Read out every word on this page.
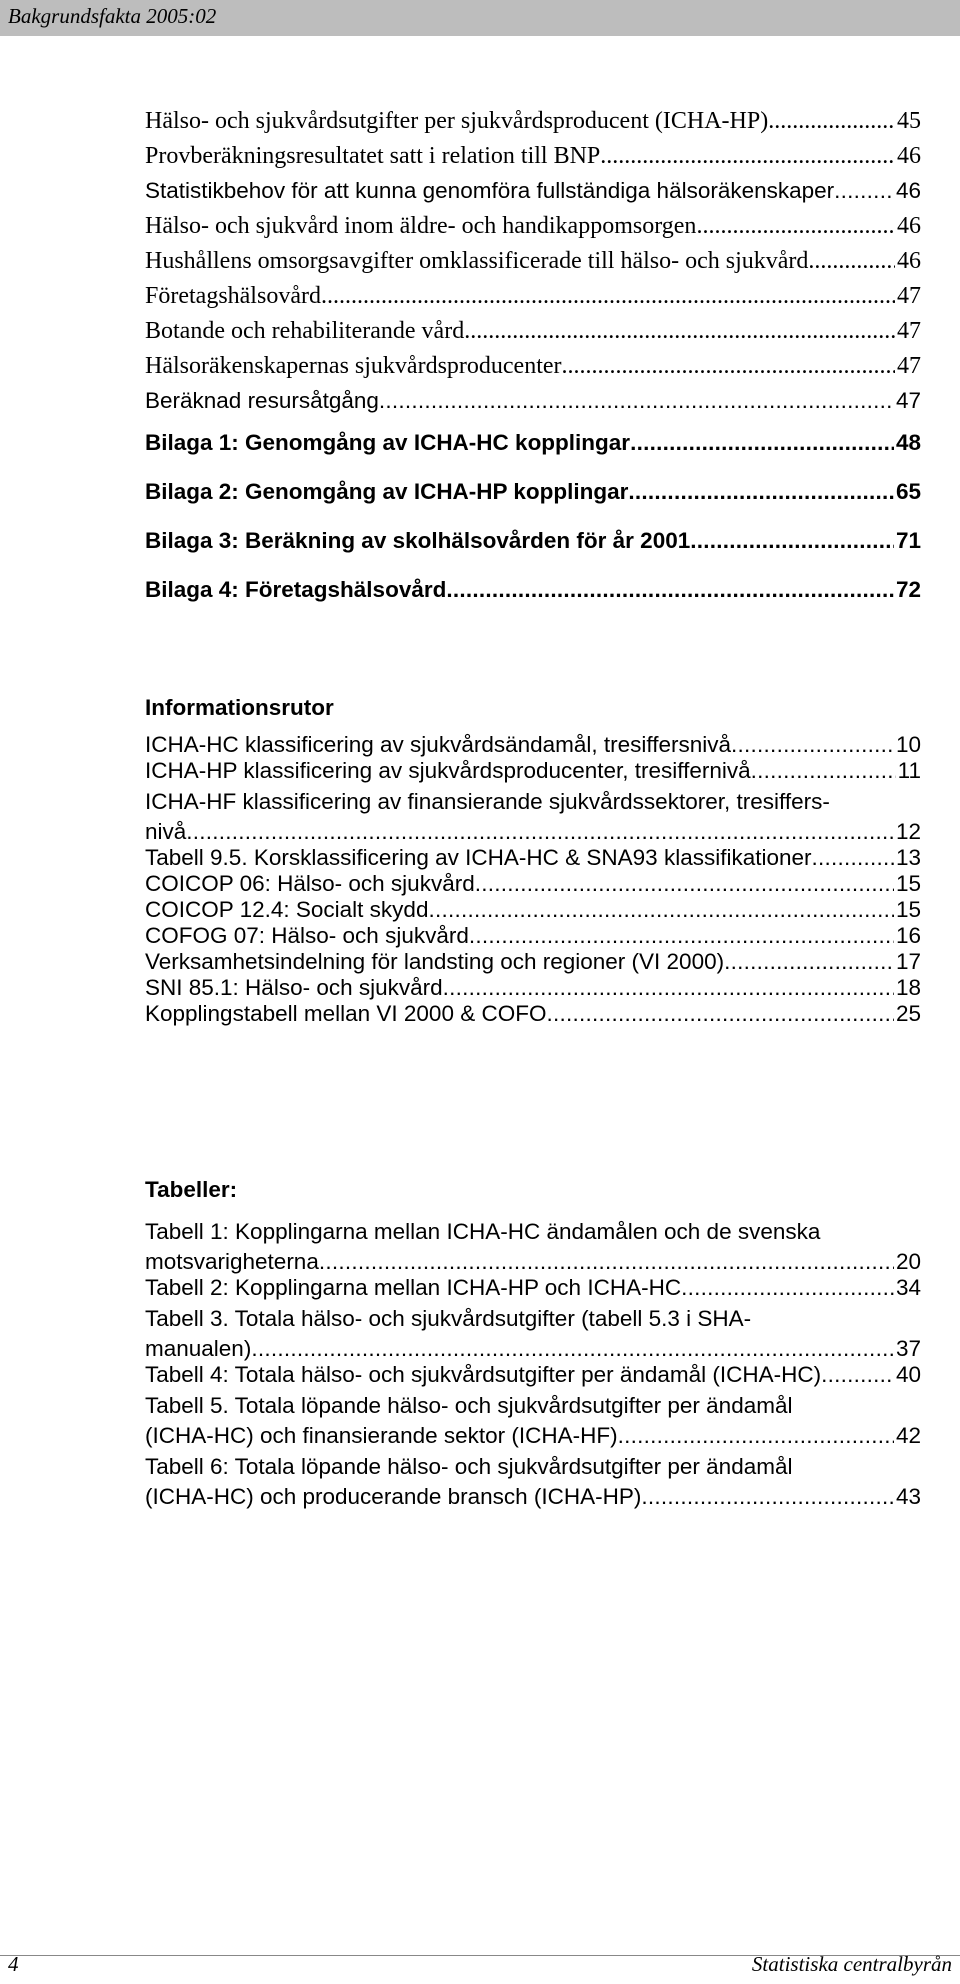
Bakgrundsfakta 2005:02
Hälso- och sjukvårdsutgifter per sjukvårdsproducent (ICHA-HP) . . .	45
Provberäkningsresultatet satt i relation till BNP . . .	46
Statistikbehov för att kunna genomföra fullständiga hälsoräkenskaper . . .	46
Hälso- och sjukvård inom äldre- och handikappomsorgen . . .	46
Hushållens omsorgsavgifter omklassificerade till hälso- och sjukvård . . .	46
Företagshälsovård . . .	47
Botande och rehabiliterande vård . . .	47
Hälsoräkenskapernas sjukvårdsproducenter . . .	47
Beräknad resursåtgång . . .	47
Bilaga 1: Genomgång av ICHA-HC kopplingar . . .	48
Bilaga 2: Genomgång av ICHA-HP kopplingar . . .	65
Bilaga 3: Beräkning av skolhälsovården för år 2001 . . .	71
Bilaga 4: Företagshälsovård . . .	72
Informationsrutor
ICHA-HC klassificering av sjukvårdsändamål, tresiffersnivå . . .	10
ICHA-HP klassificering av sjukvårdsproducenter, tresiffernivå . . .	11
ICHA-HF klassificering av finansierande sjukvårdssektorer, tresiffers-
nivå . . .	12
Tabell 9.5. Korsklassificering av ICHA-HC & SNA93 klassifikationer . . .	13
COICOP 06: Hälso- och sjukvård . . .	15
COICOP 12.4: Socialt skydd . . .	15
COFOG 07: Hälso- och sjukvård . . .	16
Verksamhetsindelning för landsting och regioner (VI 2000) . . .	17
SNI 85.1: Hälso- och sjukvård . . .	18
Kopplingstabell mellan VI 2000 & COFO . . .	25
Tabeller:
Tabell 1: Kopplingarna mellan ICHA-HC ändamålen och de svenska
motsvarigheterna . . .	20
Tabell 2: Kopplingarna mellan ICHA-HP och ICHA-HC . . .	34
Tabell 3. Totala hälso- och sjukvårdsutgifter (tabell 5.3 i SHA-
manualen) . . .	37
Tabell 4: Totala hälso- och sjukvårdsutgifter per ändamål (ICHA-HC) . . .	40
Tabell 5. Totala löpande hälso- och sjukvårdsutgifter per ändamål
(ICHA-HC) och finansierande sektor (ICHA-HF) . . .	42
Tabell 6: Totala löpande hälso- och sjukvårdsutgifter per ändamål
(ICHA-HC) och producerande bransch (ICHA-HP) . . .	43
4	Statistiska centralbyrån
